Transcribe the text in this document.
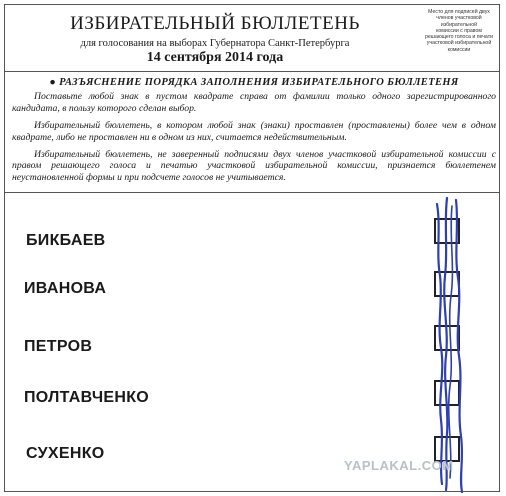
ИЗБИРАТЕЛЬНЫЙ БЮЛЛЕТЕНЬ
для голосования на выборах Губернатора Санкт-Петербурга
14 сентября 2014 года
Место для подписей двух
членов участковой
избирательной
комиссии с правом
решающего голоса и печати
участковой избирательной
комиссии
● РАЗЪЯСНЕНИЕ ПОРЯДКА ЗАПОЛНЕНИЯ ИЗБИРАТЕЛЬНОГО БЮЛЛЕТЕНЯ

Поставьте любой знак в пустом квадрате справа от фамилии только одного зарегистрированного кандидата, в пользу которого сделан выбор.

Избирательный бюллетень, в котором любой знак (знаки) проставлен (проставлены) более чем в одном квадрате, либо не проставлен ни в одном из них, считается недействительным.

Избирательный бюллетень, не заверенный подписями двух членов участковой избирательной комиссии с правом решающего голоса и печатью участковой избирательной комиссии, признается бюллетенем неустановленной формы и при подсчете голосов не учитывается.

БИКБАЕВ
ИВАНОВА
ПЕТРОВ
ПОЛТАВЧЕНКО
СУХЕНКО
YAPLAKAL.COM
